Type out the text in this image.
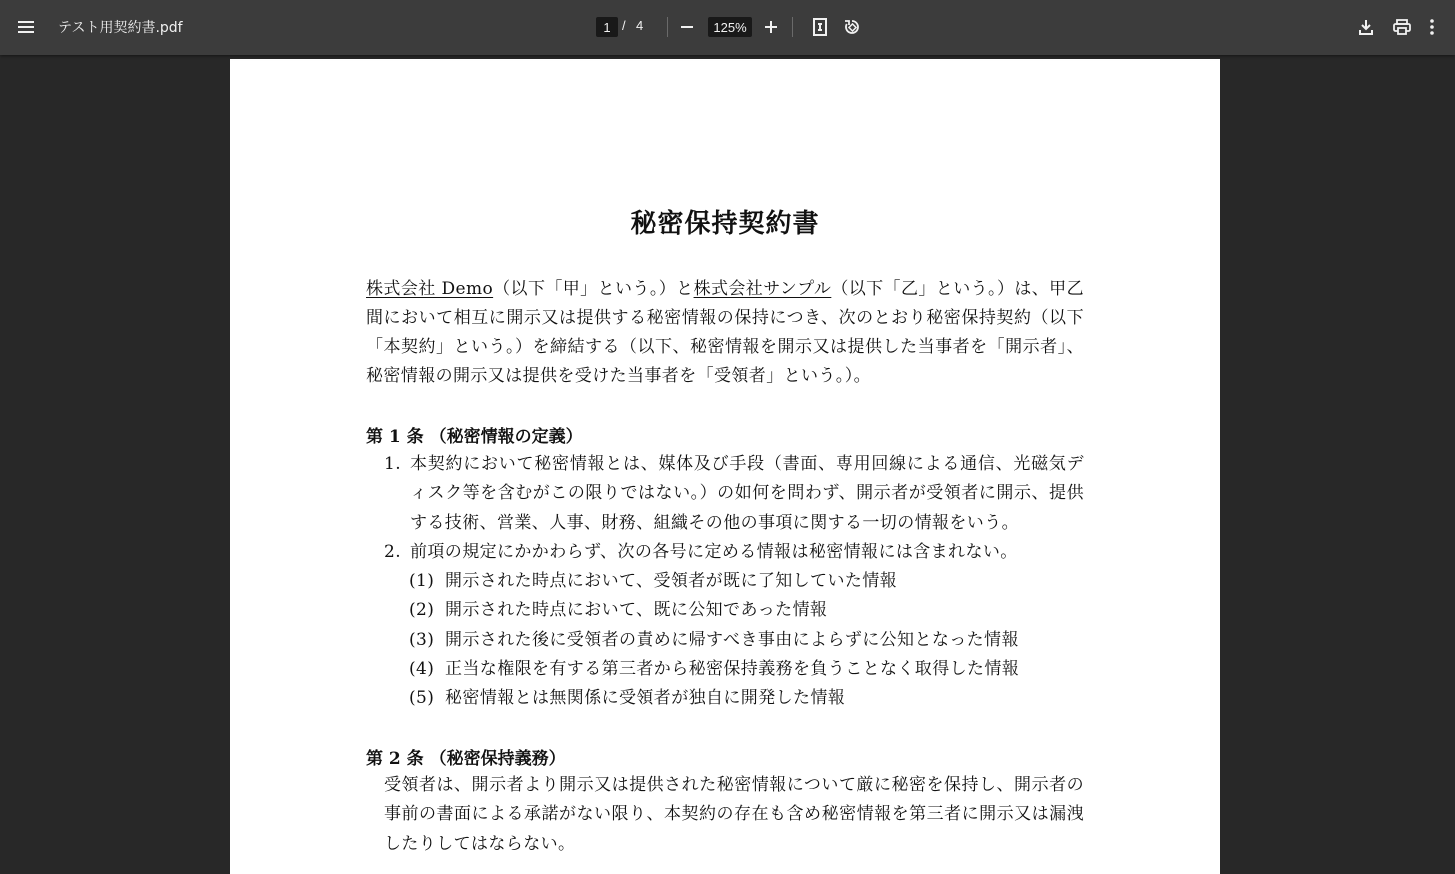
テスト用契約書.pdf
1	/ 4
125%
秘密保持契約書
株式会社 Demo（以下「甲」という。）と株式会社サンプル（以下「乙」という。）は、甲乙間において相互に開示又は提供する秘密情報の保持につき、次のとおり秘密保持契約（以下「本契約」という。）を締結する（以下、秘密情報を開示又は提供した当事者を「開示者」、秘密情報の開示又は提供を受けた当事者を「受領者」という。）。
第 1 条 （秘密情報の定義）
1. 本契約において秘密情報とは、媒体及び手段（書面、専用回線による通信、光磁気ディスク等を含むがこの限りではない。）の如何を問わず、開示者が受領者に開示、提供する技術、営業、人事、財務、組織その他の事項に関する一切の情報をいう。
2. 前項の規定にかかわらず、次の各号に定める情報は秘密情報には含まれない。
(1) 開示された時点において、受領者が既に了知していた情報
(2) 開示された時点において、既に公知であった情報
(3) 開示された後に受領者の責めに帰すべき事由によらずに公知となった情報
(4) 正当な権限を有する第三者から秘密保持義務を負うことなく取得した情報
(5) 秘密情報とは無関係に受領者が独自に開発した情報
第 2 条 （秘密保持義務）
受領者は、開示者より開示又は提供された秘密情報について厳に秘密を保持し、開示者の事前の書面による承諾がない限り、本契約の存在も含め秘密情報を第三者に開示又は漏洩したりしてはならない。
